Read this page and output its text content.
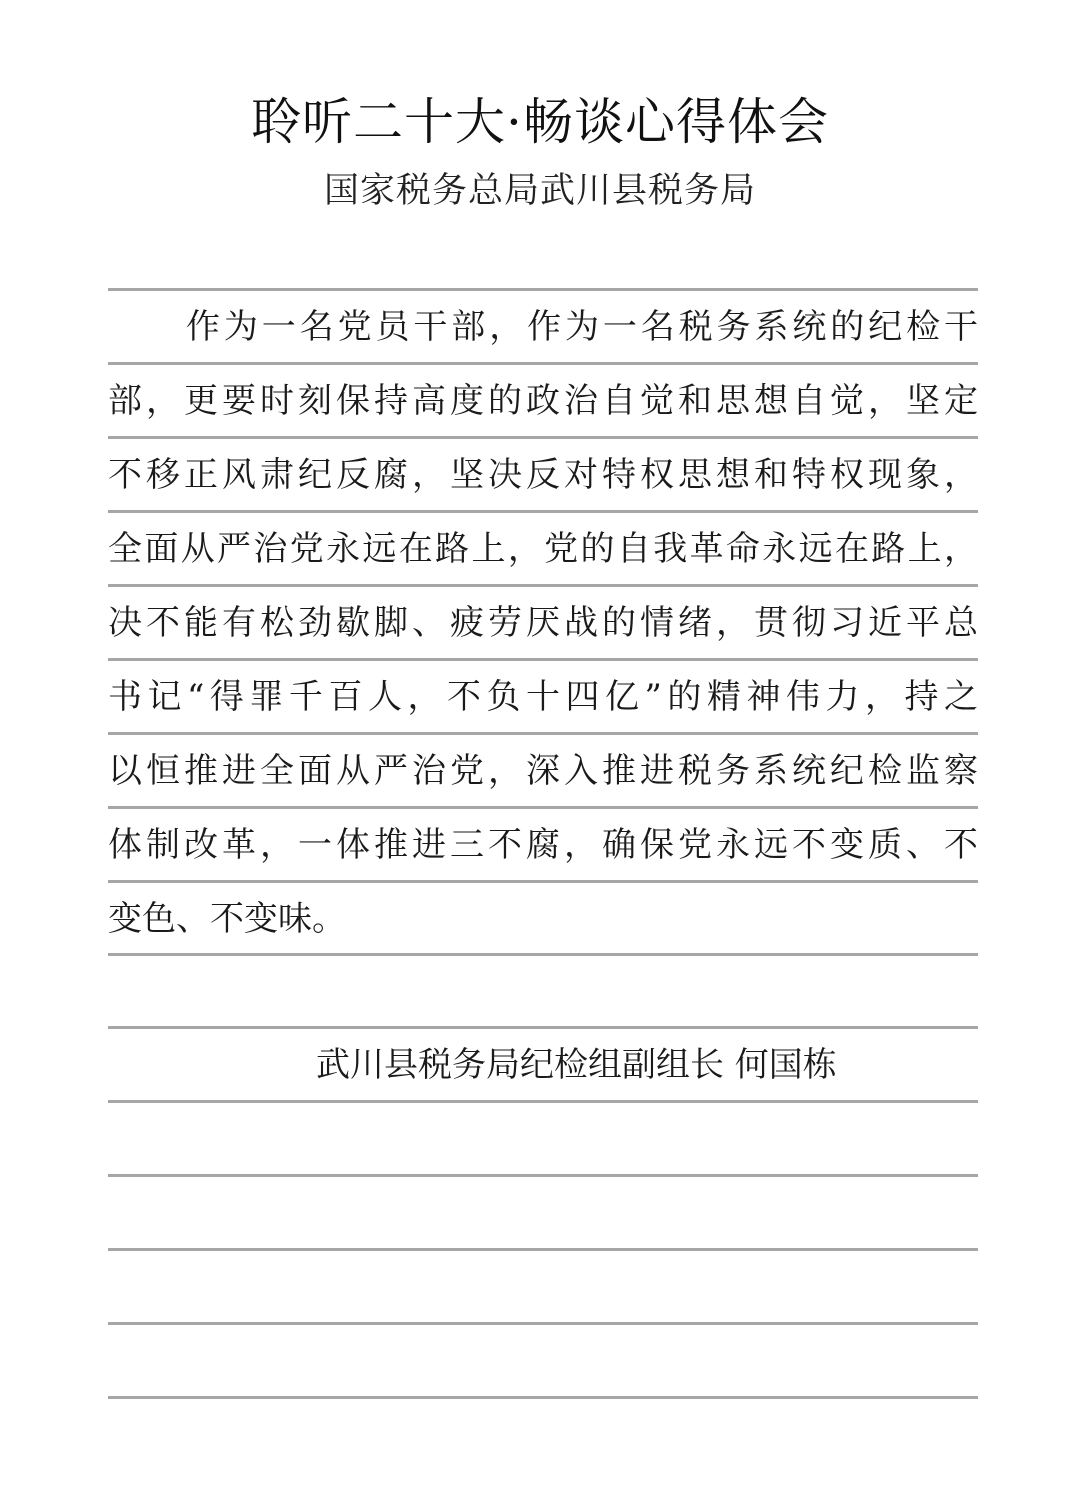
聆听二十大·畅谈心得体会
国家税务总局武川县税务局
作为一名党员干部，作为一名税务系统的纪检干
部，更要时刻保持高度的政治自觉和思想自觉，坚定
不移正风肃纪反腐，坚决反对特权思想和特权现象，
全面从严治党永远在路上，党的自我革命永远在路上，
决不能有松劲歇脚、疲劳厌战的情绪，贯彻习近平总
书记“得罪千百人，不负十四亿”的精神伟力，持之
以恒推进全面从严治党，深入推进税务系统纪检监察
体制改革，一体推进三不腐，确保党永远不变质、不
变色、不变味。
武川县税务局纪检组副组长 何国栋
